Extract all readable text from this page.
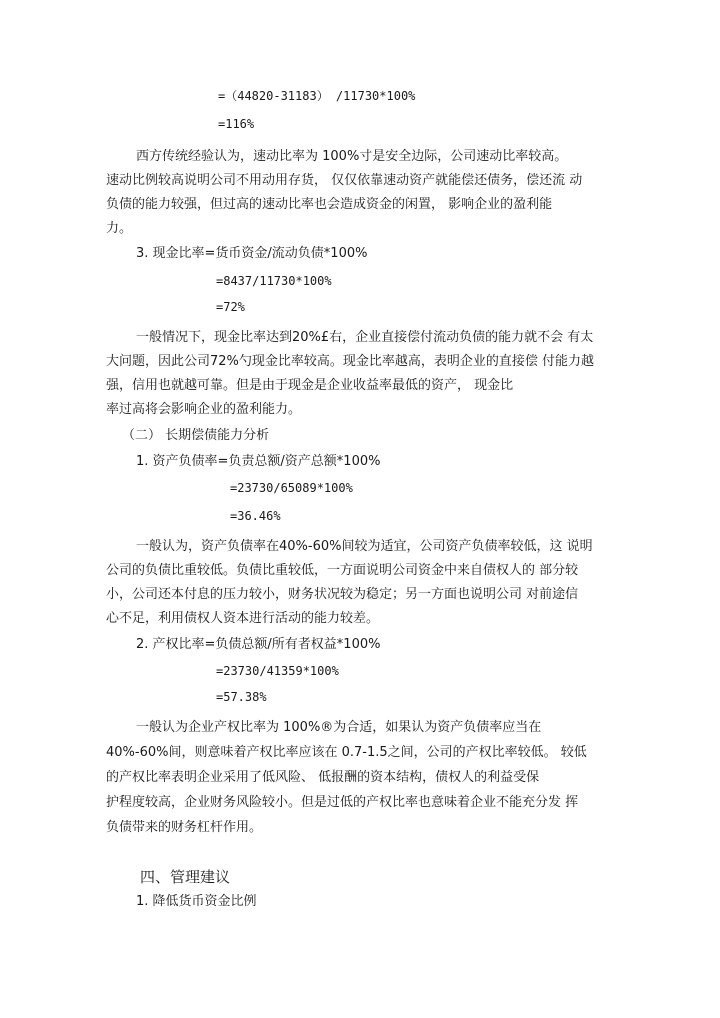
=（44820-31183） /11730*100%
=116%
西方传统经验认为，速动比率为 100%寸是安全边际，公司速动比率较高。
速动比例较高说明公司不用动用存货， 仅仅依靠速动资产就能偿还债务，偿还流 动
负债的能力较强，但过高的速动比率也会造成资金的闲置， 影响企业的盈利能
力。
3. 现金比率=货币资金/流动负债*100%
=8437/11730*100%
=72%
一般情况下，现金比率达到20%£右，企业直接偿付流动负债的能力就不会 有太
大问题，因此公司72%勺现金比率较高。现金比率越高，表明企业的直接偿 付能力越
强，信用也就越可靠。但是由于现金是企业收益率最低的资产， 现金比
率过高将会影响企业的盈利能力。
（二） 长期偿债能力分析
1. 资产负债率=负责总额/资产总额*100%
=23730/65089*100%
=36.46%
一般认为，资产负债率在40%-60%间较为适宜，公司资产负债率较低，这 说明
公司的负债比重较低。负债比重较低，一方面说明公司资金中来自债权人的 部分较
小，公司还本付息的压力较小，财务状况较为稳定；另一方面也说明公司 对前途信
心不足，利用债权人资本进行活动的能力较差。
2. 产权比率=负债总额/所有者权益*100%
=23730/41359*100%
=57.38%
一般认为企业产权比率为 100%®为合适，如果认为资产负债率应当在
40%-60%间，则意味着产权比率应该在 0.7-1.5之间，公司的产权比率较低。 较低
的产权比率表明企业采用了低风险、 低报酬的资本结构，债权人的利益受保
护程度较高，企业财务风险较小。但是过低的产权比率也意味着企业不能充分发 挥
负债带来的财务杠杆作用。
四、管理建议
1. 降低货币资金比例
